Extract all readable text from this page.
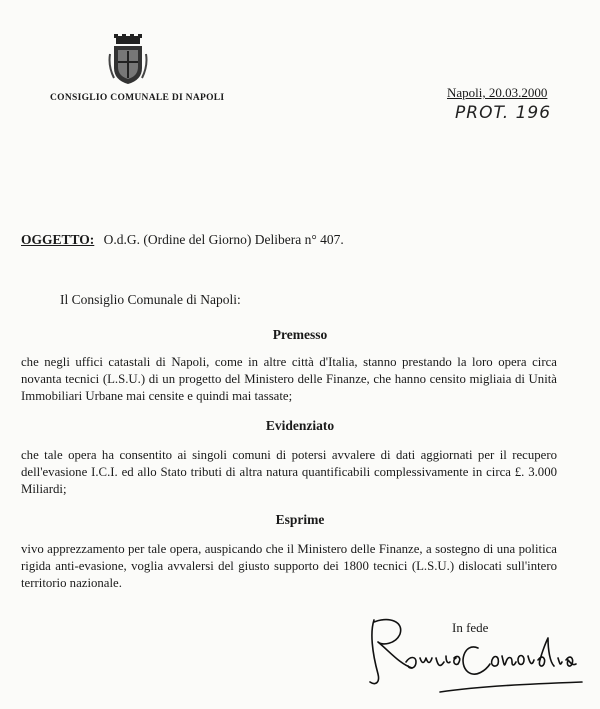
CONSIGLIO COMUNALE DI NAPOLI	Napoli, 20.03.2000
PROT. 196
OGGETTO: O.d.G. (Ordine del Giorno) Delibera n° 407.
Il Consiglio Comunale di Napoli:
Premesso
che negli uffici catastali di Napoli, come in altre città d'Italia, stanno prestando la loro opera circa novanta tecnici (L.S.U.) di un progetto del Ministero delle Finanze, che hanno censito migliaia di Unità Immobiliari Urbane mai censite e quindi mai tassate;
Evidenziato
che tale opera ha consentito ai singoli comuni di potersi avvalere di dati aggiornati per il recupero dell'evasione I.C.I. ed allo Stato tributi di altra natura quantificabili complessivamente in circa £. 3.000 Miliardi;
Esprime
vivo apprezzamento per tale opera, auspicando che il Ministero delle Finanze, a sostegno di una politica rigida anti-evasione, voglia avvalersi del giusto supporto dei 1800 tecnici (L.S.U.) dislocati sull'intero territorio nazionale.
In fede
